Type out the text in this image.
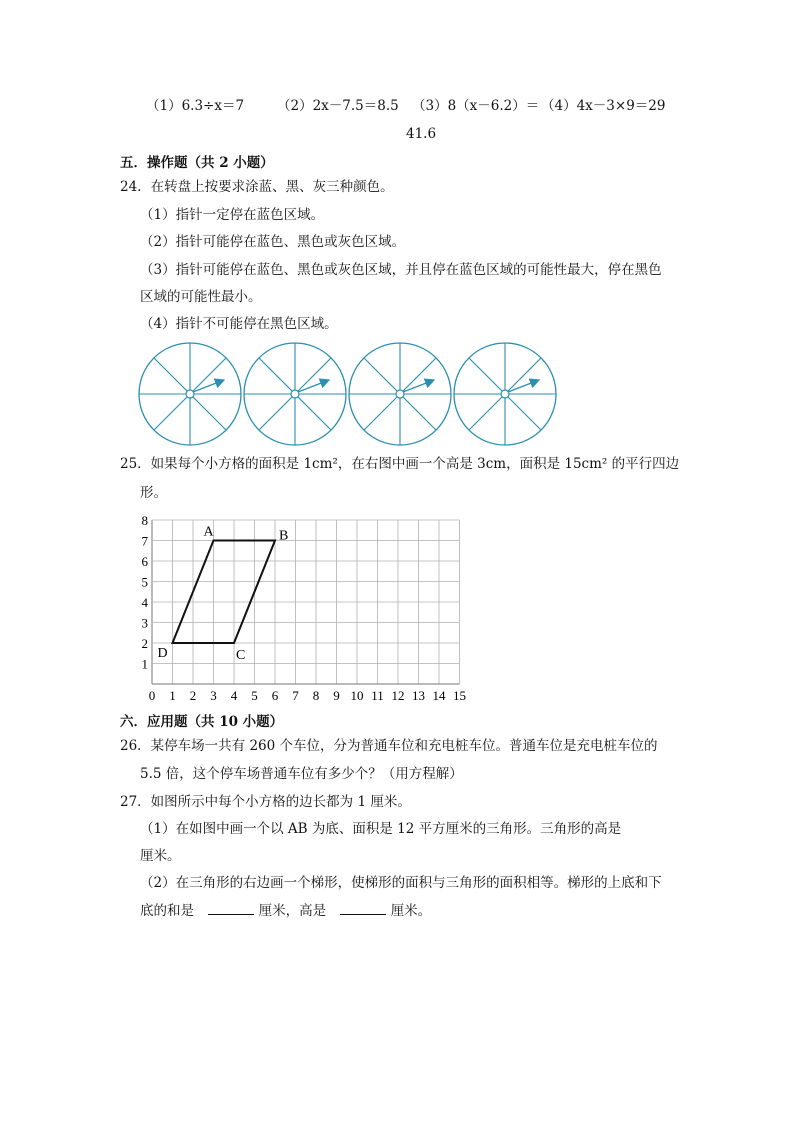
（1）6.3÷x＝7 （2）2x－7.5＝8.5 （3）8（x－6.2）＝ （4）4x－3×9＝29
41.6
五．操作题（共 2 小题）
24．在转盘上按要求涂蓝、黑、灰三种颜色。
（1）指针一定停在蓝色区域。
（2）指针可能停在蓝色、黑色或灰色区域。
（3）指针可能停在蓝色、黑色或灰色区域，并且停在蓝色区域的可能性最大，停在黑色
区域的可能性最小。
（4）指针不可能停在黑色区域。
25．如果每个小方格的面积是 1cm²，在右图中画一个高是 3cm，面积是 15cm² 的平行四边
形。
0 1 2 3 4 5 6 7 8 9 10 11 12 13 14 15
1
2
3
4
5
6
7
8
A	B
C
D
六．应用题（共 10 小题）
26．某停车场一共有 260 个车位，分为普通车位和充电桩车位。普通车位是充电桩车位的
5.5 倍，这个停车场普通车位有多少个？（用方程解）
27．如图所示中每个小方格的边长都为 1 厘米。
（1）在如图中画一个以 AB 为底、面积是 12 平方厘米的三角形。三角形的高是
厘米。
（2）在三角形的右边画一个梯形，使梯形的面积与三角形的面积相等。梯形的上底和下
底的和是	厘米，高是	厘米。
